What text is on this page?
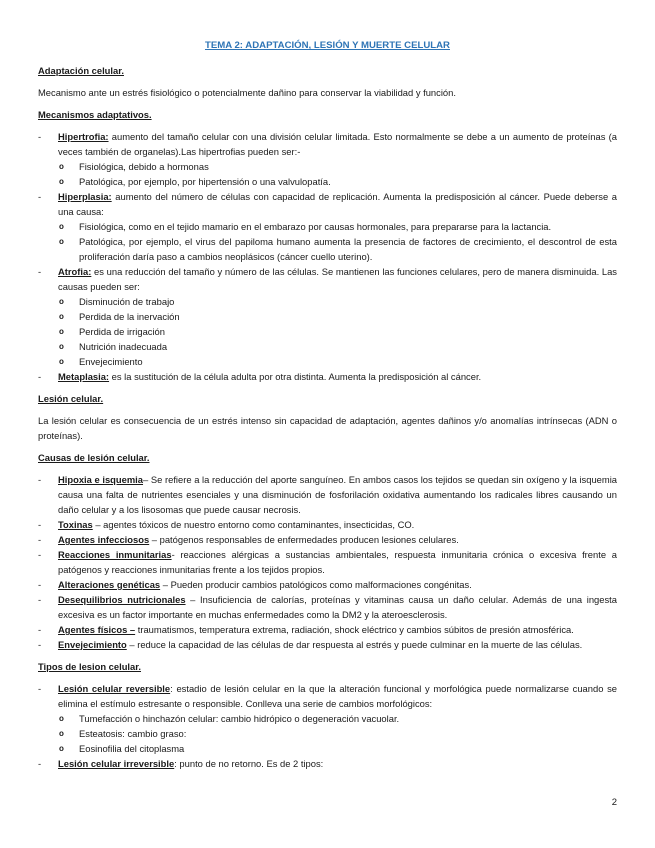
TEMA 2: ADAPTACIÓN, LESIÓN Y MUERTE CELULAR
Adaptación celular.
Mecanismo ante un estrés fisiológico o potencialmente dañino para conservar la viabilidad y función.
Mecanismos adaptativos.
- Hipertrofia: aumento del tamaño celular con una división celular limitada. Esto normalmente se debe a un aumento de proteínas (a veces también de organelas).Las hipertrofias pueden ser:-
o Fisiológica, debido a hormonas
o Patológica, por ejemplo, por hipertensión o una valvulopatía.
- Hiperplasia: aumento del número de células con capacidad de replicación. Aumenta la predisposición al cáncer. Puede deberse a una causa:
o Fisiológica, como en el tejido mamario en el embarazo por causas hormonales, para prepararse para la lactancia.
o Patológica, por ejemplo, el virus del papiloma humano aumenta la presencia de factores de crecimiento, el descontrol de esta proliferación daría paso a cambios neoplásicos (cáncer cuello uterino).
- Atrofia: es una reducción del tamaño y número de las células. Se mantienen las funciones celulares, pero de manera disminuida. Las causas pueden ser:
o Disminución de trabajo
o Perdida de la inervación
o Perdida de irrigación
o Nutrición inadecuada
o Envejecimiento
- Metaplasia: es la sustitución de la célula adulta por otra distinta. Aumenta la predisposición al cáncer.
Lesión celular.
La lesión celular es consecuencia de un estrés intenso sin capacidad de adaptación, agentes dañinos y/o anomalías intrínsecas (ADN o proteínas).
Causas de lesión celular.
- Hipoxia e isquemia– Se refiere a la reducción del aporte sanguíneo. En ambos casos los tejidos se quedan sin oxígeno y la isquemia causa una falta de nutrientes esenciales y una disminución de fosforilación oxidativa aumentando los radicales libres causando un daño celular y a los lisosomas que puede causar necrosis.
- Toxinas – agentes tóxicos de nuestro entorno como contaminantes, insecticidas, CO.
- Agentes infecciosos – patógenos responsables de enfermedades producen lesiones celulares.
- Reacciones inmunitarias- reacciones alérgicas a sustancias ambientales, respuesta inmunitaria crónica o excesiva frente a patógenos y reacciones inmunitarias frente a los tejidos propios.
- Alteraciones genéticas – Pueden producir cambios patológicos como malformaciones congénitas.
- Desequilibrios nutricionales – Insuficiencia de calorías, proteínas y vitaminas causa un daño celular. Además de una ingesta excesiva es un factor importante en muchas enfermedades como la DM2 y la ateroesclerosis.
- Agentes físicos – traumatismos, temperatura extrema, radiación, shock eléctrico y cambios súbitos de presión atmosférica.
- Envejecimiento – reduce la capacidad de las células de dar respuesta al estrés y puede culminar en la muerte de las células.
Tipos de lesion celular.
- Lesión celular reversible: estadio de lesión celular en la que la alteración funcional y morfológica puede normalizarse cuando se elimina el estímulo estresante o responsible. Conlleva una serie de cambios morfológicos:
o Tumefacción o hinchazón celular: cambio hidrópico o degeneración vacuolar.
o Esteatosis: cambio graso:
o Eosinofilia del citoplasma
- Lesión celular irreversible: punto de no retorno. Es de 2 tipos:
2
